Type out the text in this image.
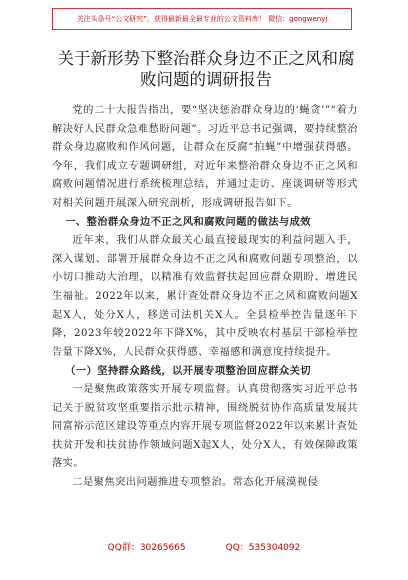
关注头条号“公文研究”，获得最新最全最专业的公文资料库！ 微信：gongwenyj
关于新形势下整治群众身边不正之风和腐
败问题的调研报告

党的二十大报告指出，要“坚决惩治群众身边的‘蝇贪’”“着力解决好人民群众急难愁盼问题”。习近平总书记强调，要持续整治群众身边腐败和作风问题，让群众在反腐“拍蝇”中增强获得感。今年，我们成立专题调研组，对近年来整治群众身边不正之风和腐败问题情况进行系统梳理总结，并通过走访、座谈调研等形式对相关问题开展深入研究剖析，形成调研报告如下。

一、整治群众身边不正之风和腐败问题的做法与成效

近年来，我们从群众最关心最直接最现实的利益问题入手，深入谋划、部署开展群众身边不正之风和腐败问题专项整治，以小切口推动大治理，以精准有效监督扶起回应群众期盼、增进民生福祉。2022年以来，累计查处群众身边不正之风和腐败问题X起X人，处分X人，移送司法机关X人。全县检举控告量逐年下降，2023年较2022年下降X%，其中反映农村基层干部检举控告量下降X%，人民群众获得感、幸福感和满意度持续提升。

（一）坚持群众路线，以开展专项整治回应群众关切

一是聚焦政策落实开展专项监督。认真贯彻落实习近平总书记关于脱贫攻坚重要指示批示精神，围绕脱贫协作高质量发展共同富裕示范区建设等重点内容开展专项监督2022年以来累计查处扶贫开发和扶贫协作领域问题X起X人，处分X人，有效保障政策落实。

二是聚焦突出问题推进专项整治。常态化开展漠视侵

QQ群：30265665	QQ：535304092
